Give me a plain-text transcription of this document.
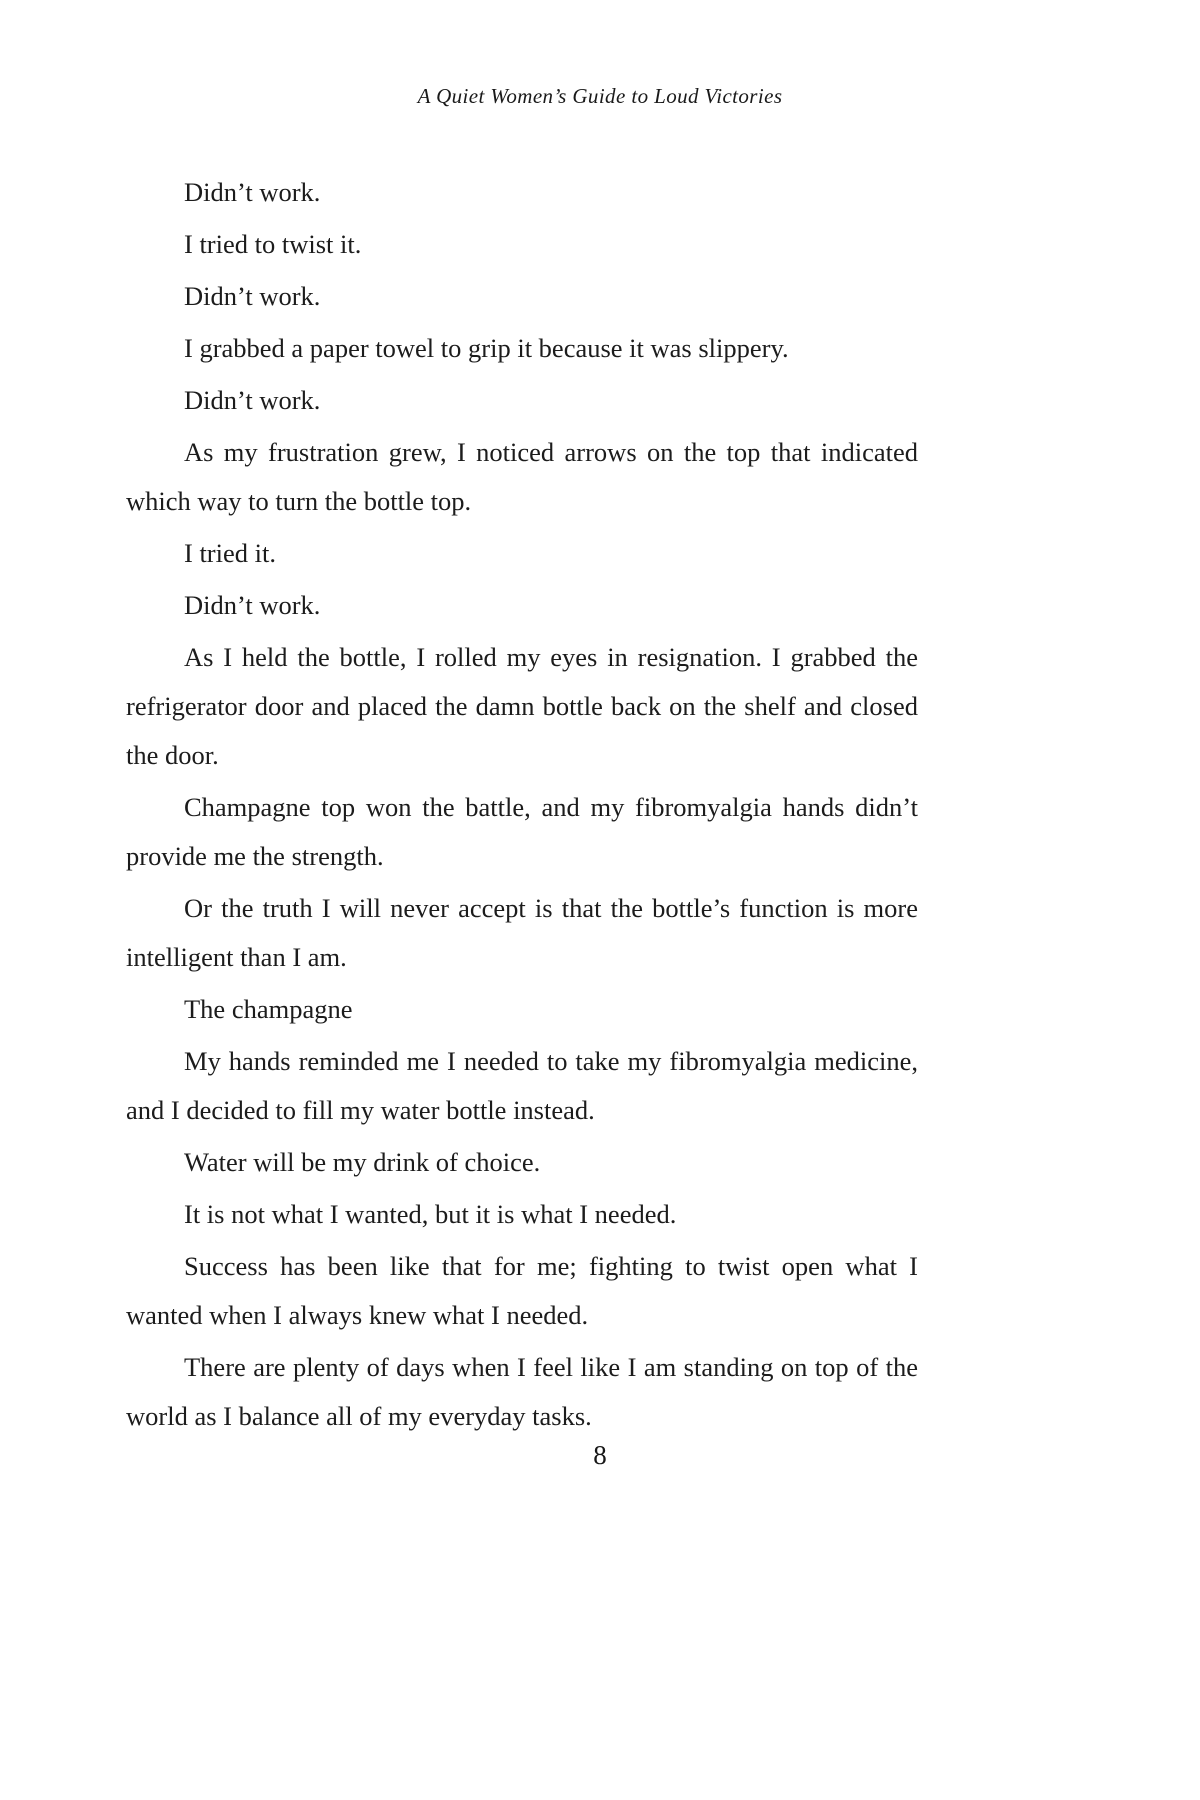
A Quiet Women’s Guide to Loud Victories

Didn’t work.

I tried to twist it.

Didn’t work.

I grabbed a paper towel to grip it because it was slippery.

Didn’t work.

As my frustration grew, I noticed arrows on the top that indicated which way to turn the bottle top.

I tried it.

Didn’t work.

As I held the bottle, I rolled my eyes in resignation. I grabbed the refrigerator door and placed the damn bottle back on the shelf and closed the door.

Champagne top won the battle, and my fibromyalgia hands didn’t provide me the strength.

Or the truth I will never accept is that the bottle’s function is more intelligent than I am.

The champagne

My hands reminded me I needed to take my fibromyalgia medicine, and I decided to fill my water bottle instead.

Water will be my drink of choice.

It is not what I wanted, but it is what I needed.

Success has been like that for me; fighting to twist open what I wanted when I always knew what I needed.

There are plenty of days when I feel like I am standing on top of the world as I balance all of my everyday tasks.

8
